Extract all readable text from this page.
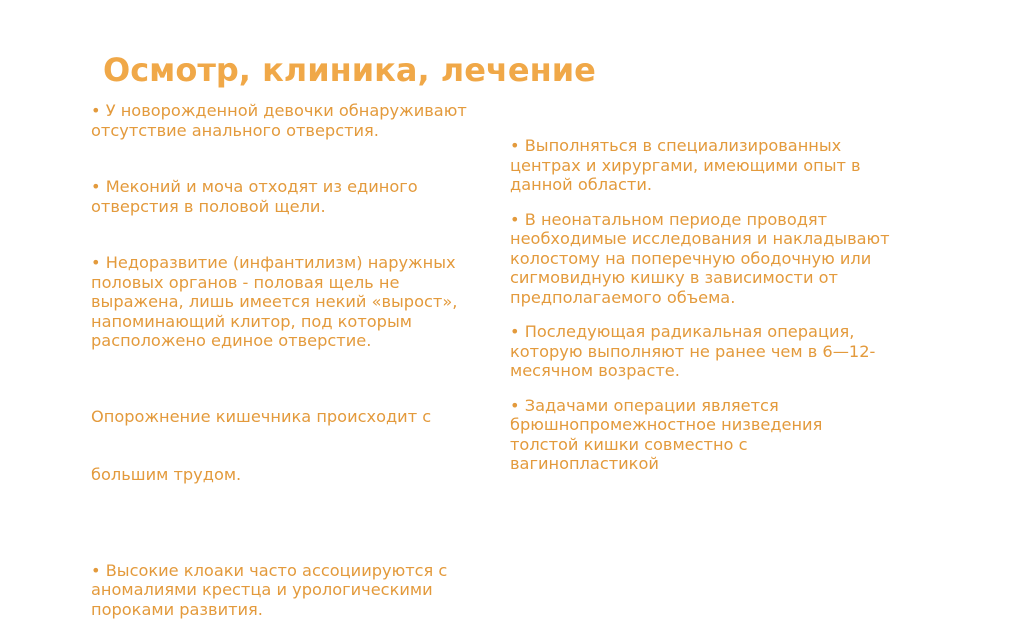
Осмотр, клиника, лечение

• У новорожденной девочки обнаруживают
отсутствие анального отверстия.

• Меконий и моча отходят из единого
отверстия в половой щели.

• Недоразвитие (инфантилизм) наружных
половых органов - половая щель не
выражена, лишь имеется некий «вырост»,
напоминающий клитор, под которым
расположено единое отверстие.

Опорожнение кишечника происходит с

большим трудом.

• Высокие клоаки часто ассоциируются с
аномалиями крестца и урологическими
пороками развития.

• Выполняться в специализированных
центрах и хирургами, имеющими опыт в
данной области.

• В неонатальном периоде проводят
необходимые исследования и накладывают
колостому на поперечную ободочную или
сигмовидную кишку в зависимости от
предполагаемого объема.

• Последующая радикальная операция,
которую выполняют не ранее чем в 6—12-
месячном возрасте.

• Задачами операции является
брюшнопромежностное низведения
толстой кишки совместно с
вагинопластикой
